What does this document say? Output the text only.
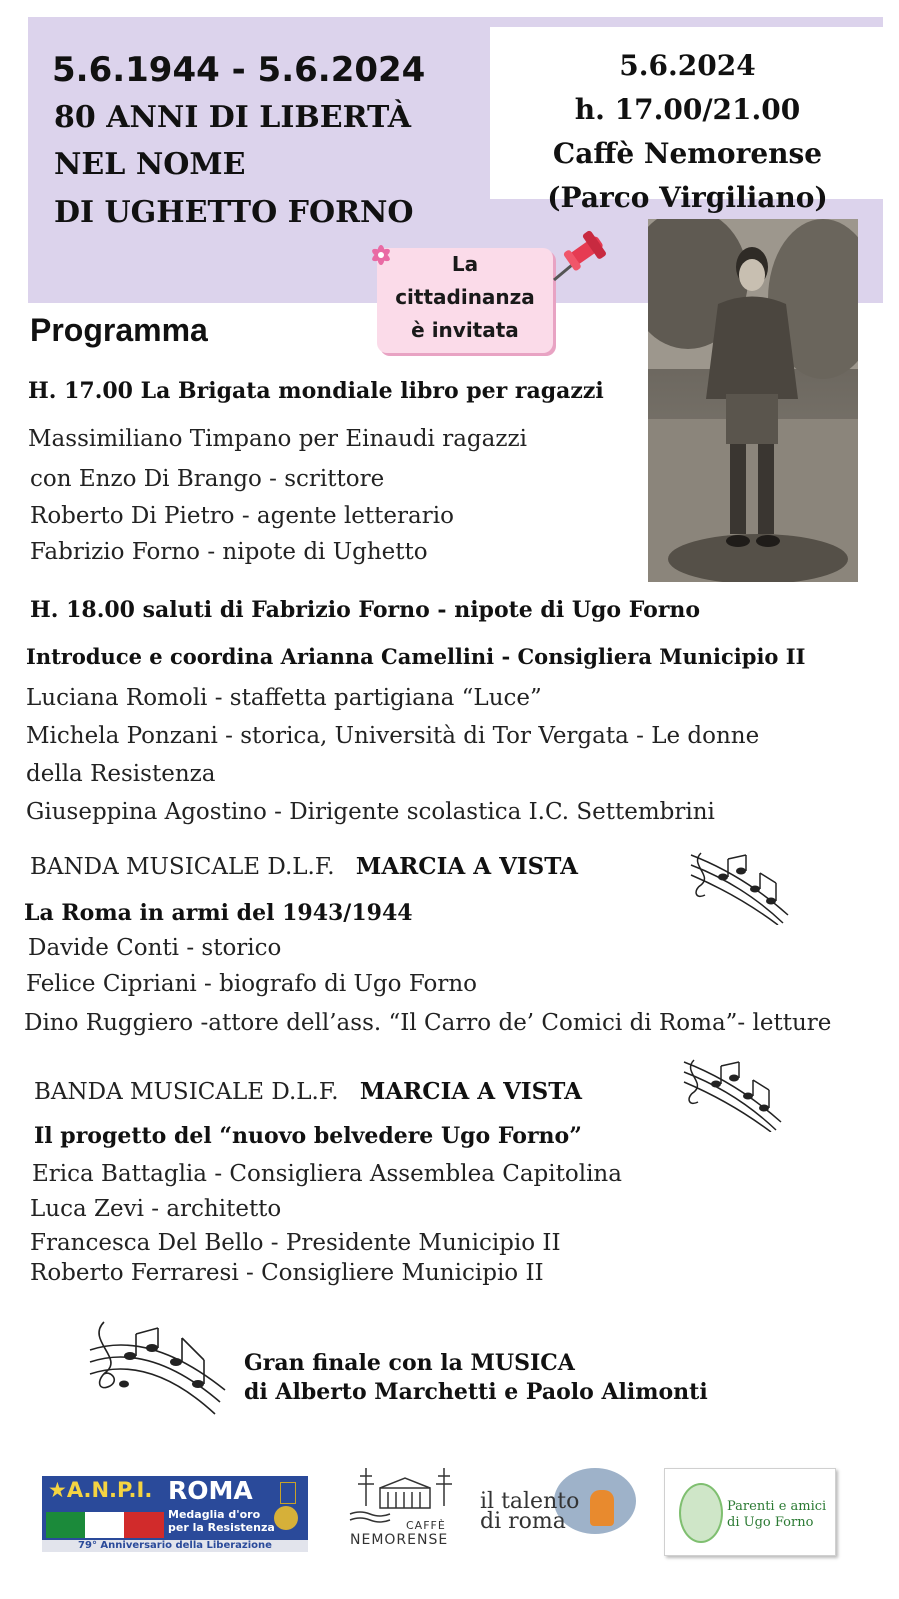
5.6.1944 - 5.6.2024
80 ANNI DI LIBERTÀ
NEL NOME
DI UGHETTO FORNO
5.6.2024
h. 17.00/21.00
Caffè Nemorense
(Parco Virgiliano)
La
cittadinanza
è invitata
Programma
H. 17.00 La Brigata mondiale libro per ragazzi
Massimiliano Timpano per Einaudi ragazzi
con Enzo Di Brango - scrittore
Roberto Di Pietro - agente letterario
Fabrizio Forno - nipote di Ughetto
H. 18.00 saluti di Fabrizio Forno - nipote di Ugo Forno
Introduce e coordina Arianna Camellini - Consigliera Municipio II
Luciana Romoli - staffetta partigiana “Luce”
Michela Ponzani - storica, Università di Tor Vergata - Le donne
della Resistenza
Giuseppina Agostino - Dirigente scolastica I.C. Settembrini
BANDA MUSICALE D.L.F. MARCIA A VISTA
La Roma in armi del 1943/1944
Davide Conti - storico
Felice Cipriani - biografo di Ugo Forno
Dino Ruggiero -attore dell’ass. “Il Carro de’ Comici di Roma”- letture
BANDA MUSICALE D.L.F. MARCIA A VISTA
Il progetto del “nuovo belvedere Ugo Forno”
Erica Battaglia - Consigliera Assemblea Capitolina
Luca Zevi - architetto
Francesca Del Bello - Presidente Municipio II
Roberto Ferraresi - Consigliere Municipio II
Gran finale con la MUSICA
di Alberto Marchetti e Paolo Alimonti
★A.N.P.I. ROMA
Medaglia d'oro
per la Resistenza
79° Anniversario della Liberazione
CAFFÈ
NEMORENSE
il talento
di roma
Parenti e amici
di Ugo Forno
